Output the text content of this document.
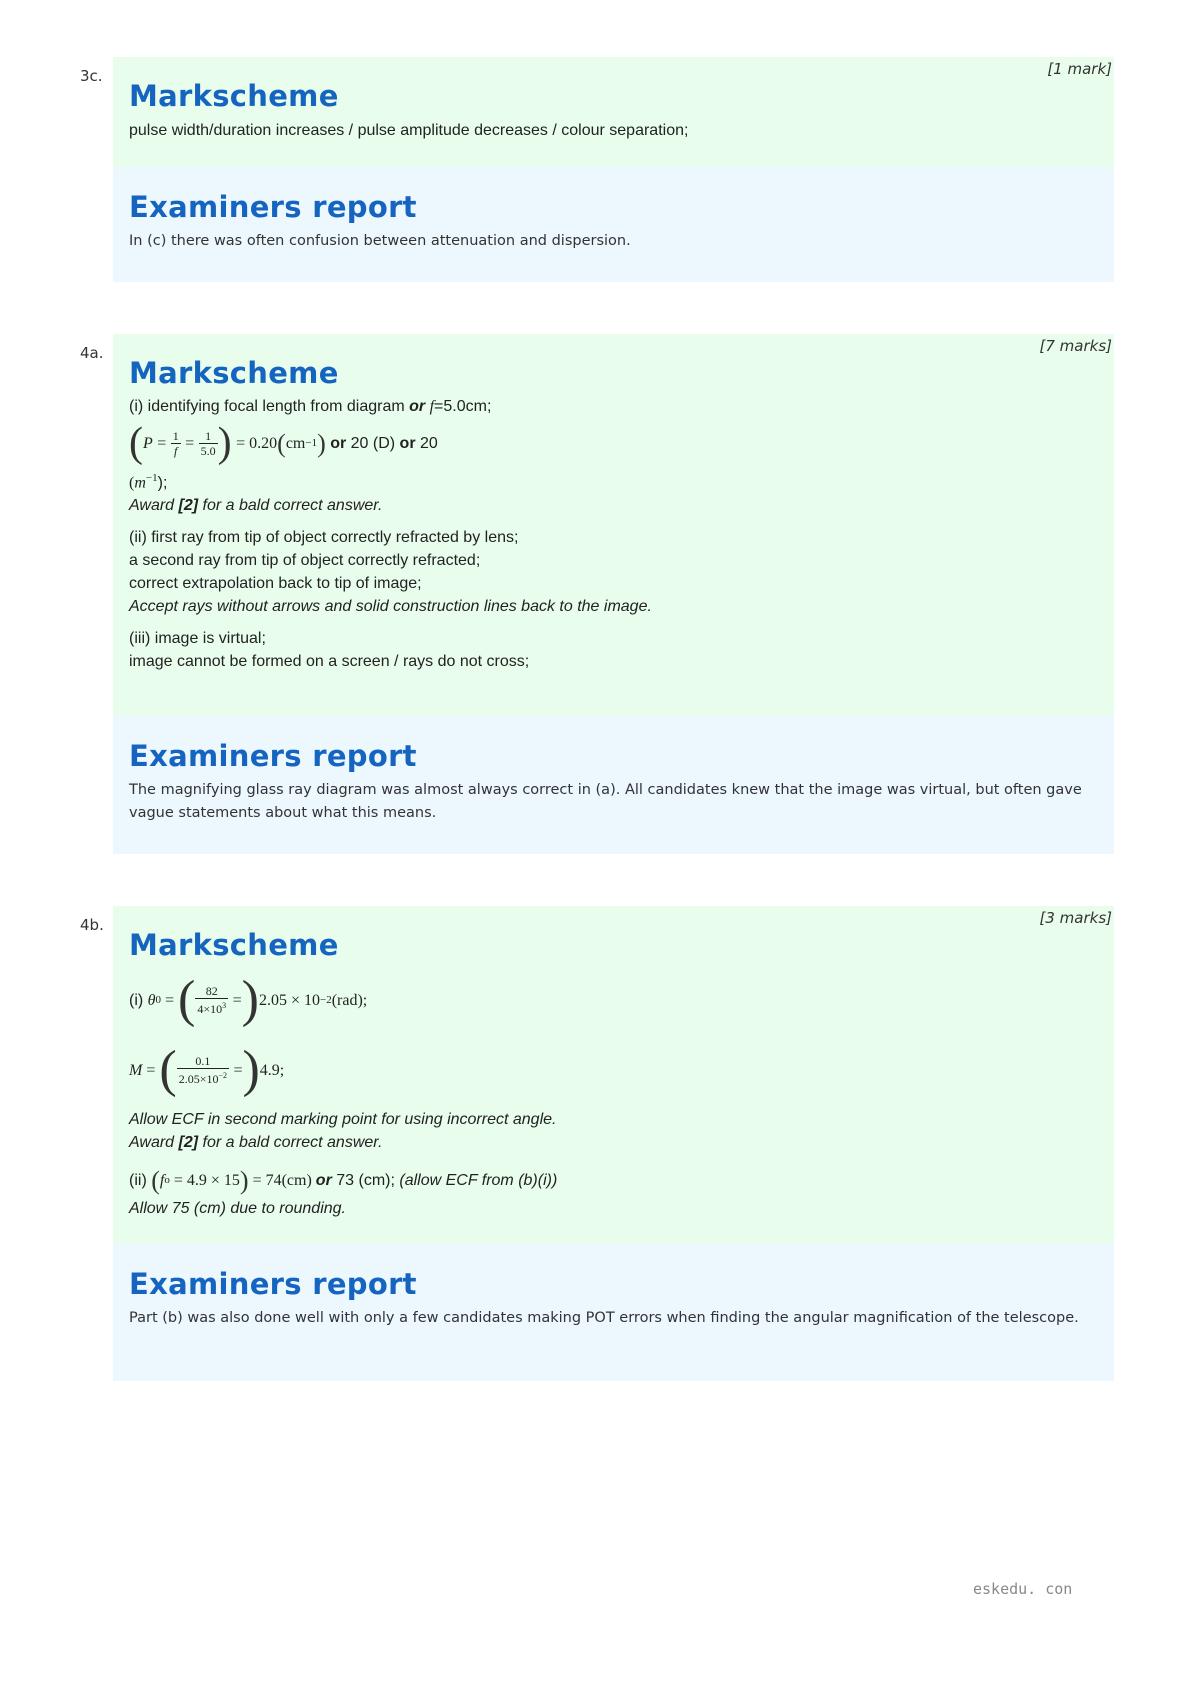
3c.	[1 mark]
Markscheme
pulse width/duration increases / pulse amplitude decreases / colour separation;
Examiners report
In (c) there was often confusion between attenuation and dispersion.
4a.	[7 marks]
Markscheme
(i) identifying focal length from diagram or f=5.0cm;
( P
=
$\frac{1}{f}$
=
$\frac{1}{5.0}$ )
= 0.20 ( cm −1 )
or 20 (D) or 20
$(m^{-1})$;
Award [2] for a bald correct answer.
(ii) first ray from tip of object correctly refracted by lens;
a second ray from tip of object correctly refracted;
correct extrapolation back to tip of image;
Accept rays without arrows and solid construction lines back to the image.
(iii) image is virtual;
image cannot be formed on a screen / rays do not cross;
Examiners report
The magnifying glass ray diagram was almost always correct in (a). All candidates knew that the image was virtual, but often gave vague statements about what this means.
4b.	[3 marks]
Markscheme
(i) θ 0 = ( $\frac{82}{4\times 10^3}$
= ) 2.05 × 10 −2 (rad);
M = ( $\frac{0.1}{2.05\times 10^{-2}}$
= ) 4.9;
Allow ECF in second marking point for using incorrect angle.
Award [2] for a bald correct answer.
(ii) ( f o = 4.9 × 15 ) = 74(cm) or 73 (cm); (allow ECF from (b)(i))
Allow 75 (cm) due to rounding.
Examiners report
Part (b) was also done well with only a few candidates making POT errors when finding the angular magnification of the telescope.
eskedu. con
